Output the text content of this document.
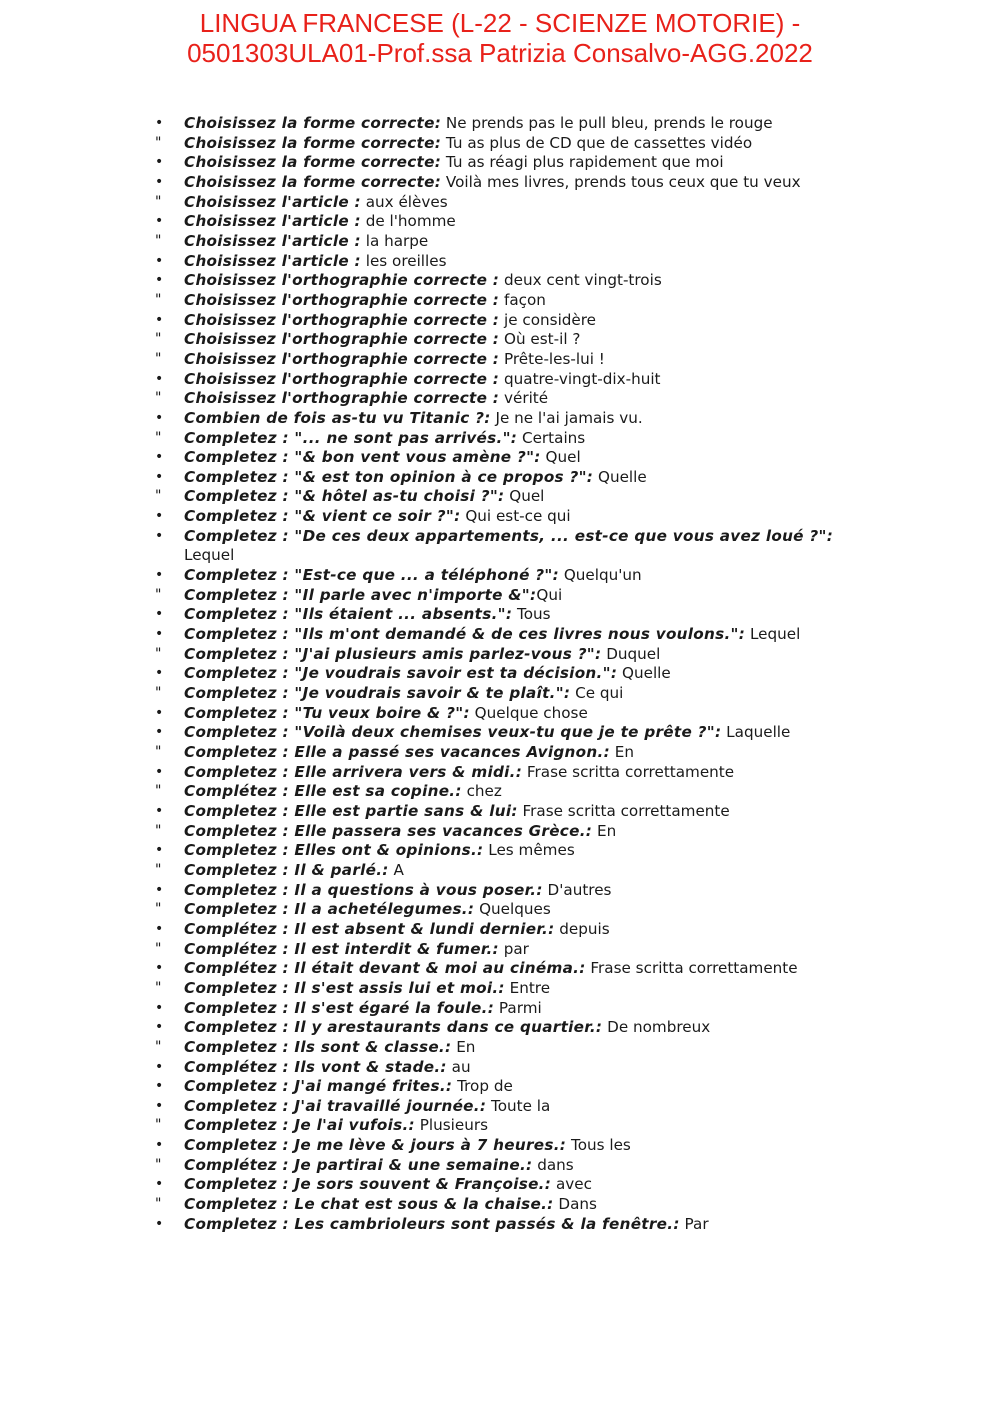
LINGUA FRANCESE (L-22 - SCIENZE MOTORIE) -
0501303ULA01-Prof.ssa Patrizia Consalvo-AGG.2022
• Choisissez la forme correcte: Ne prends pas le pull bleu, prends le rouge
"	Choisissez la forme correcte: Tu as plus de CD que de cassettes vidéo
• Choisissez la forme correcte: Tu as réagi plus rapidement que moi
• Choisissez la forme correcte: Voilà mes livres, prends tous ceux que tu veux
"	Choisissez l'article : aux élèves
• Choisissez l'article : de l'homme
"	Choisissez l'article : la harpe
• Choisissez l'article : les oreilles
• Choisissez l'orthographie correcte : deux cent vingt-trois
"	Choisissez l'orthographie correcte : façon
• Choisissez l'orthographie correcte : je considère
"	Choisissez l'orthographie correcte : Où est-il ?
"	Choisissez l'orthographie correcte : Prête-les-lui !
• Choisissez l'orthographie correcte : quatre-vingt-dix-huit
"	Choisissez l'orthographie correcte : vérité
• Combien de fois as-tu vu Titanic ?: Je ne l'ai jamais vu.
"	Completez : "... ne sont pas arrivés.": Certains
• Completez : "& bon vent vous amène ?": Quel
• Completez : "& est ton opinion à ce propos ?": Quelle
"	Completez : "& hôtel as-tu choisi ?": Quel
• Completez : "& vient ce soir ?": Qui est-ce qui
• Completez : "De ces deux appartements, ... est-ce que vous avez loué ?": Lequel
• Completez : "Est-ce que ... a téléphoné ?": Quelqu'un
"	Completez : "Il parle avec n'importe &":Qui
• Completez : "Ils étaient ... absents.": Tous
• Completez : "Ils m'ont demandé & de ces livres nous voulons.": Lequel
"	Completez : "J'ai plusieurs amis parlez-vous ?": Duquel
• Completez : "Je voudrais savoir est ta décision.": Quelle
"	Completez : "Je voudrais savoir & te plaît.": Ce qui
• Completez : "Tu veux boire & ?": Quelque chose
• Completez : "Voilà deux chemises veux-tu que je te prête ?": Laquelle
"	Completez : Elle a passé ses vacances Avignon.: En
• Completez : Elle arrivera vers & midi.: Frase scritta correttamente
"	Complétez : Elle est sa copine.: chez
• Completez : Elle est partie sans & lui: Frase scritta correttamente
"	Completez : Elle passera ses vacances Grèce.: En
• Completez : Elles ont & opinions.: Les mêmes
"	Completez : Il & parlé.: A
• Completez : Il a questions à vous poser.: D'autres
"	Completez : Il a achetélegumes.: Quelques
• Complétez : Il est absent & lundi dernier.: depuis
"	Complétez : Il est interdit & fumer.: par
• Complétez : Il était devant & moi au cinéma.: Frase scritta correttamente
"	Completez : Il s'est assis lui et moi.: Entre
• Completez : Il s'est égaré la foule.: Parmi
• Completez : Il y arestaurants dans ce quartier.: De nombreux
"	Completez : Ils sont & classe.: En
• Complétez : Ils vont & stade.: au
• Completez : J'ai mangé frites.: Trop de
• Completez : J'ai travaillé journée.: Toute la
"	Completez : Je l'ai vufois.: Plusieurs
• Completez : Je me lève & jours à 7 heures.: Tous les
"	Complétez : Je partirai & une semaine.: dans
• Completez : Je sors souvent & Françoise.: avec
"	Completez : Le chat est sous & la chaise.: Dans
• Completez : Les cambrioleurs sont passés & la fenêtre.: Par
